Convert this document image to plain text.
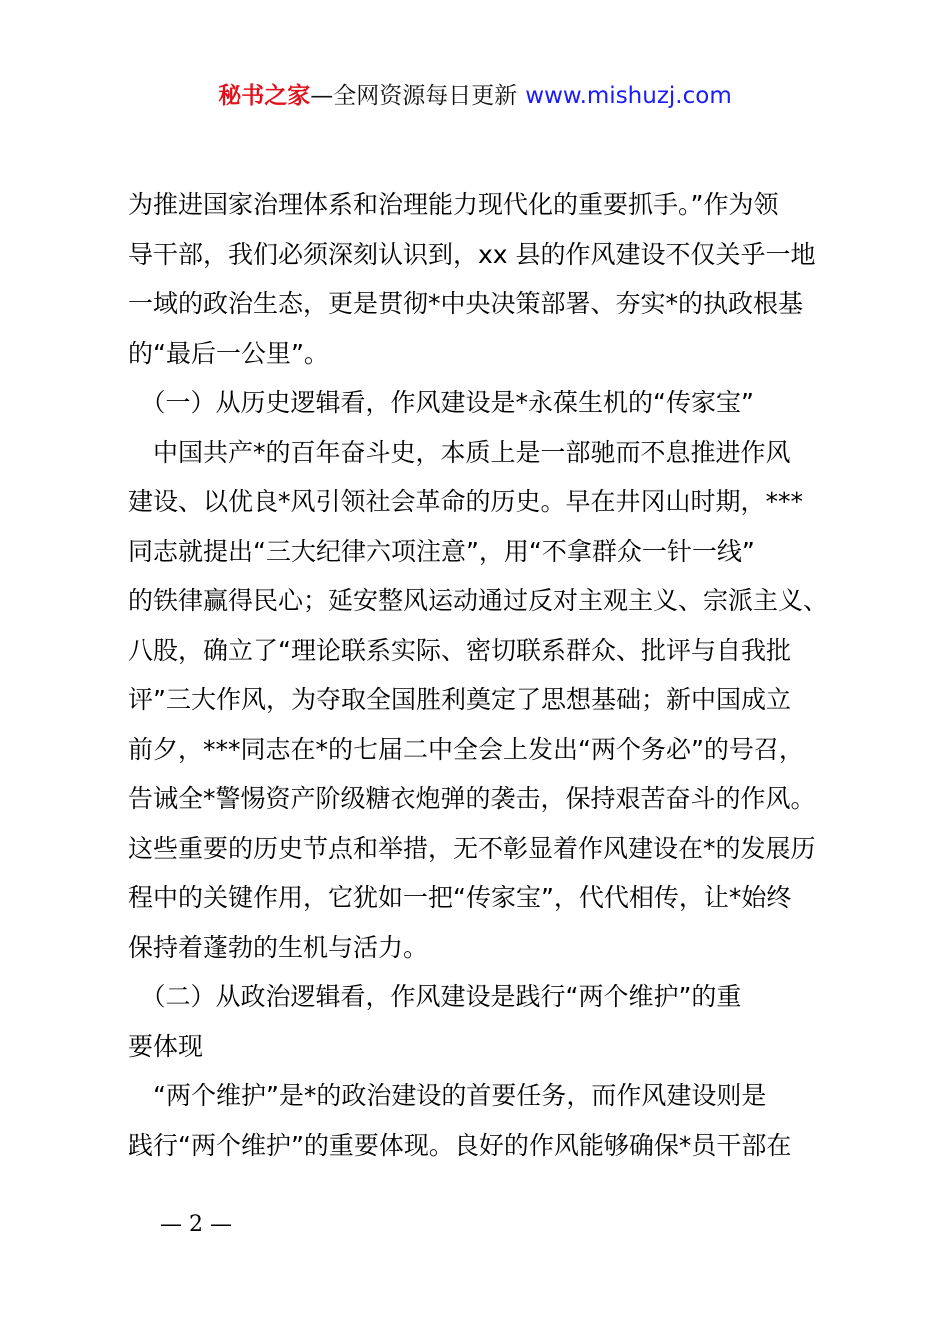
秘书之家—全网资源每日更新 www.mishuzj.com
为推进国家治理体系和治理能力现代化的重要抓手。”作为领
导干部，我们必须深刻认识到，xx 县的作风建设不仅关乎一地
一域的政治生态，更是贯彻*中央决策部署、夯实*的执政根基
的“最后一公里”。
　（一）从历史逻辑看，作风建设是*永葆生机的“传家宝”
　中国共产*的百年奋斗史，本质上是一部驰而不息推进作风
建设、以优良*风引领社会革命的历史。早在井冈山时期，***
同志就提出“三大纪律六项注意”，用“不拿群众一针一线”
的铁律赢得民心；延安整风运动通过反对主观主义、宗派主义、
八股，确立了“理论联系实际、密切联系群众、批评与自我批
评”三大作风，为夺取全国胜利奠定了思想基础；新中国成立
前夕，***同志在*的七届二中全会上发出“两个务必”的号召，
告诫全*警惕资产阶级糖衣炮弹的袭击，保持艰苦奋斗的作风。
这些重要的历史节点和举措，无不彰显着作风建设在*的发展历
程中的关键作用，它犹如一把“传家宝”，代代相传，让*始终
保持着蓬勃的生机与活力。
　（二）从政治逻辑看，作风建设是践行“两个维护”的重
要体现
　“两个维护”是*的政治建设的首要任务，而作风建设则是
践行“两个维护”的重要体现。良好的作风能够确保*员干部在
— 2 —
